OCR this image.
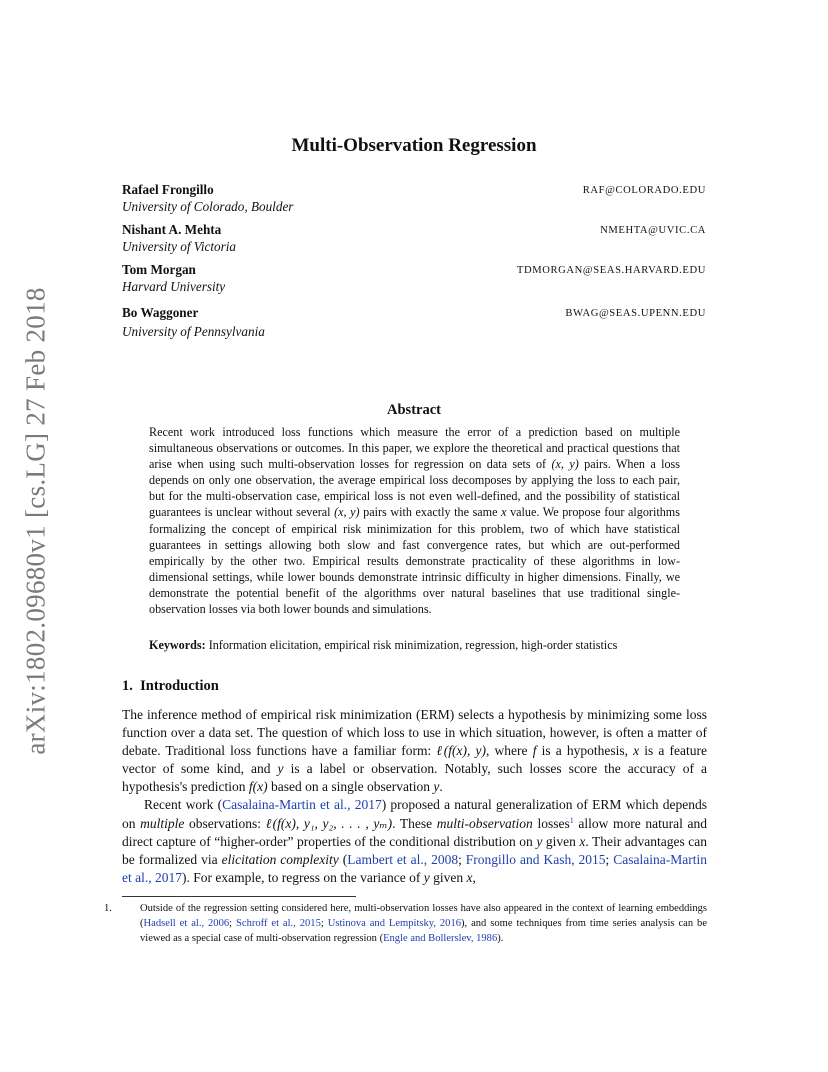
arXiv:1802.09680v1 [cs.LG] 27 Feb 2018
Multi-Observation Regression
Rafael Frongillo
University of Colorado, Boulder
RAF@COLORADO.EDU
Nishant A. Mehta
University of Victoria
NMEHTA@UVIC.CA
Tom Morgan
Harvard University
TDMORGAN@SEAS.HARVARD.EDU
Bo Waggoner
University of Pennsylvania
BWAG@SEAS.UPENN.EDU
Abstract
Recent work introduced loss functions which measure the error of a prediction based on multiple simultaneous observations or outcomes. In this paper, we explore the theoretical and practical questions that arise when using such multi-observation losses for regression on data sets of (x, y) pairs. When a loss depends on only one observation, the average empirical loss decomposes by applying the loss to each pair, but for the multi-observation case, empirical loss is not even well-defined, and the possibility of statistical guarantees is unclear without several (x, y) pairs with exactly the same x value. We propose four algorithms formalizing the concept of empirical risk minimization for this problem, two of which have statistical guarantees in settings allowing both slow and fast convergence rates, but which are out-performed empirically by the other two. Empirical results demonstrate practicality of these algorithms in low-dimensional settings, while lower bounds demonstrate intrinsic difficulty in higher dimensions. Finally, we demonstrate the potential benefit of the algorithms over natural baselines that use traditional single-observation losses via both lower bounds and simulations.
Keywords: Information elicitation, empirical risk minimization, regression, high-order statistics
1. Introduction

The inference method of empirical risk minimization (ERM) selects a hypothesis by minimizing some loss function over a data set. The question of which loss to use in which situation, however, is often a matter of debate. Traditional loss functions have a familiar form: ℓ(f(x), y), where f is a hypothesis, x is a feature vector of some kind, and y is a label or observation. Notably, such losses score the accuracy of a hypothesis's prediction f(x) based on a single observation y.

Recent work (Casalaina-Martin et al., 2017) proposed a natural generalization of ERM which depends on multiple observations: ℓ(f(x), y₁, y₂, . . . , yₘ). These multi-observation losses$^1$ allow more natural and direct capture of “higher-order” properties of the conditional distribution on y given x. Their advantages can be formalized via elicitation complexity (Lambert et al., 2008; Frongillo and Kash, 2015; Casalaina-Martin et al., 2017). For example, to regress on the variance of y given x,

1.	Outside of the regression setting considered here, multi-observation losses have also appeared in the context of learning embeddings (Hadsell et al., 2006; Schroff et al., 2015; Ustinova and Lempitsky, 2016), and some techniques from time series analysis can be viewed as a special case of multi-observation regression (Engle and Bollerslev, 1986).
